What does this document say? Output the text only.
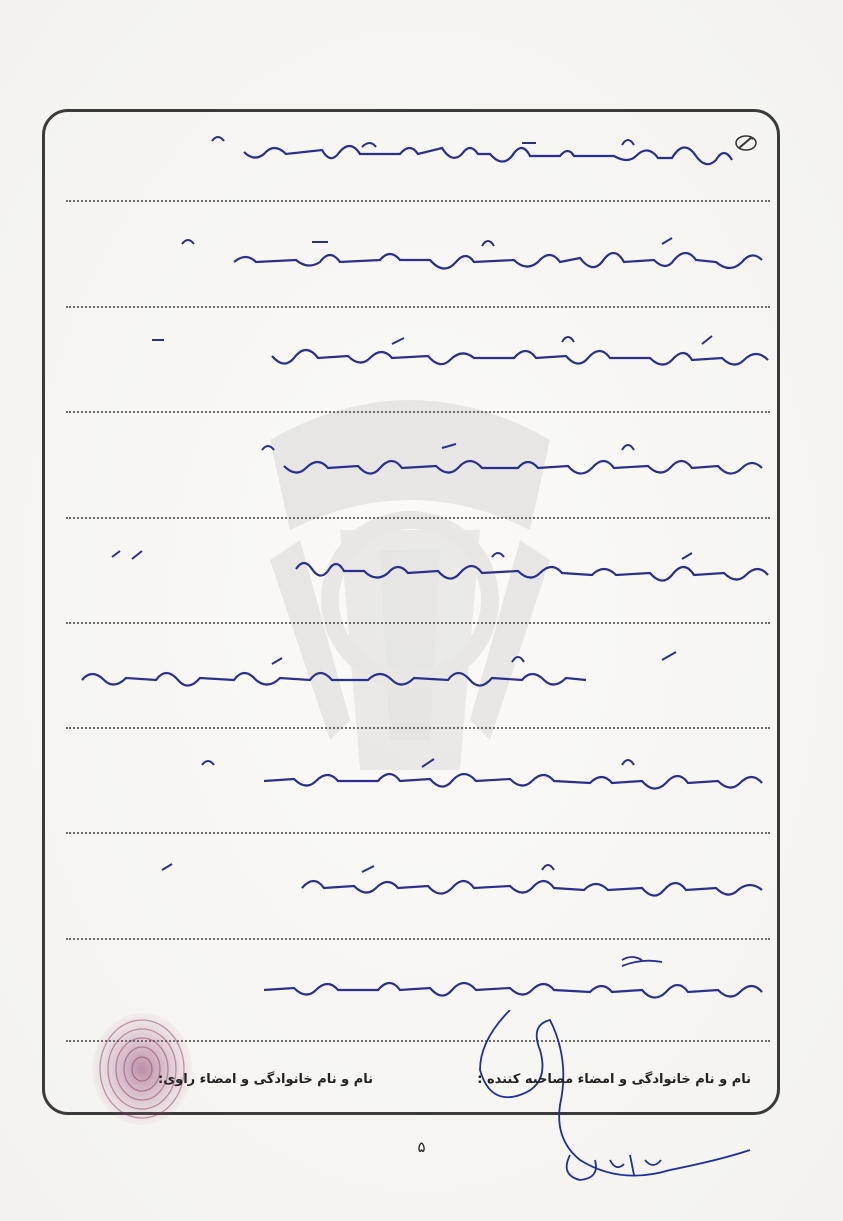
نام و نام خانوادگی و امضاء مصاحبه کننده :
نام و نام خانوادگی و امضاء راوی:
۵
